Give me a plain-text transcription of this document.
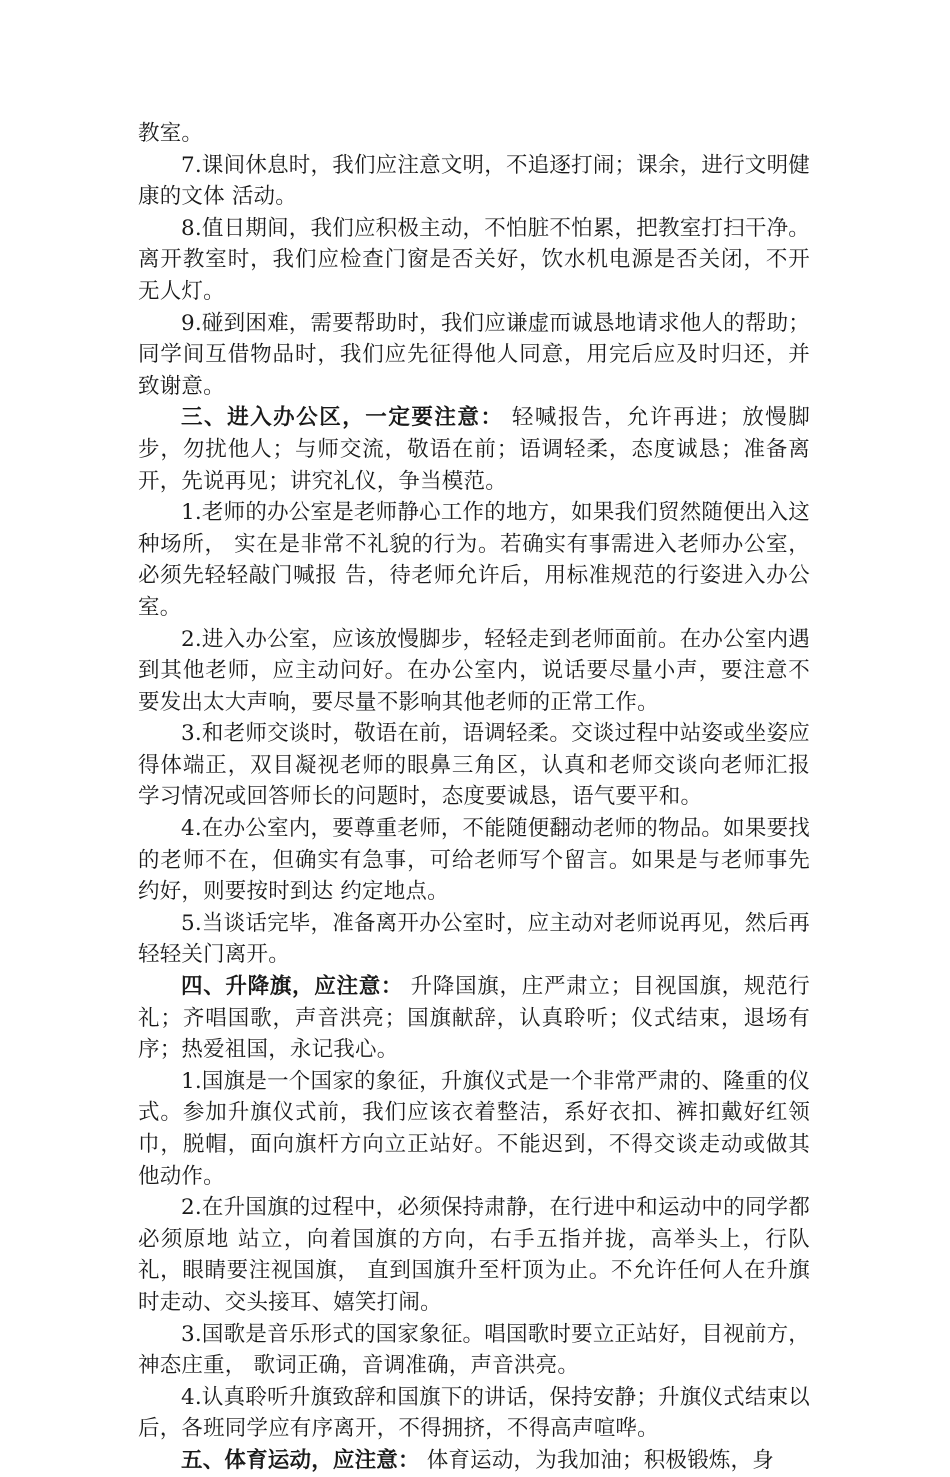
教室。

7.课间休息时，我们应注意文明，不追逐打闹；课余，进行文明健康的文体 活动。

8.值日期间，我们应积极主动，不怕脏不怕累，把教室打扫干净。离开教室时，我们应检查门窗是否关好，饮水机电源是否关闭，不开无人灯。

9.碰到困难，需要帮助时，我们应谦虚而诚恳地请求他人的帮助；同学间互借物品时，我们应先征得他人同意，用完后应及时归还，并致谢意。

三、进入办公区，一定要注意： 轻喊报告，允许再进；放慢脚步，勿扰他人；与师交流，敬语在前；语调轻柔，态度诚恳；准备离开，先说再见；讲究礼仪，争当模范。

1.老师的办公室是老师静心工作的地方，如果我们贸然随便出入这种场所， 实在是非常不礼貌的行为。若确实有事需进入老师办公室，必须先轻轻敲门喊报 告，待老师允许后，用标准规范的行姿进入办公室。

2.进入办公室，应该放慢脚步，轻轻走到老师面前。在办公室内遇到其他老师，应主动问好。在办公室内，说话要尽量小声，要注意不要发出太大声响，要尽量不影响其他老师的正常工作。

3.和老师交谈时，敬语在前，语调轻柔。交谈过程中站姿或坐姿应得体端正，双目凝视老师的眼鼻三角区，认真和老师交谈向老师汇报学习情况或回答师长的问题时，态度要诚恳，语气要平和。

4.在办公室内，要尊重老师，不能随便翻动老师的物品。如果要找的老师不在，但确实有急事，可给老师写个留言。如果是与老师事先约好，则要按时到达 约定地点。

5.当谈话完毕，准备离开办公室时，应主动对老师说再见，然后再轻轻关门离开。

四、升降旗，应注意： 升降国旗，庄严肃立；目视国旗，规范行礼；齐唱国歌，声音洪亮；国旗献辞，认真聆听；仪式结束，退场有序；热爱祖国，永记我心。

1.国旗是一个国家的象征，升旗仪式是一个非常严肃的、隆重的仪式。参加升旗仪式前，我们应该衣着整洁，系好衣扣、裤扣戴好红领巾，脱帽，面向旗杆方向立正站好。不能迟到，不得交谈走动或做其他动作。

2.在升国旗的过程中，必须保持肃静，在行进中和运动中的同学都必须原地 站立，向着国旗的方向，右手五指并拢，高举头上，行队礼，眼睛要注视国旗， 直到国旗升至杆顶为止。不允许任何人在升旗时走动、交头接耳、嬉笑打闹。

3.国歌是音乐形式的国家象征。唱国歌时要立正站好，目视前方，神态庄重， 歌词正确，音调准确，声音洪亮。

4.认真聆听升旗致辞和国旗下的讲话，保持安静；升旗仪式结束以后，各班同学应有序离开，不得拥挤，不得高声喧哗。

五、体育运动，应注意： 体育运动，为我加油；积极锻炼，身
